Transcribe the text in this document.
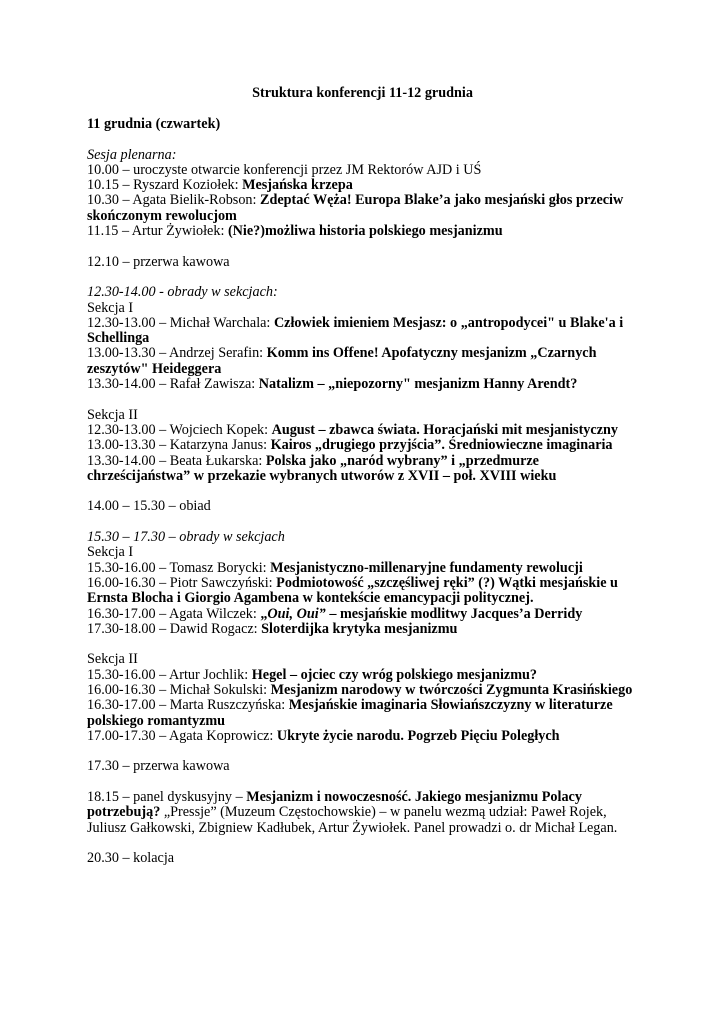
Struktura konferencji 11-12 grudnia

11 grudnia (czwartek)

Sesja plenarna:

10.00 – uroczyste otwarcie konferencji przez JM Rektorów AJD i UŚ

10.15 – Ryszard Koziołek: Mesjańska krzepa

10.30 – Agata Bielik-Robson: Zdeptać Węża! Europa Blake’a jako mesjański głos przeciw skończonym rewolucjom

11.15 – Artur Żywiołek: (Nie?)możliwa historia polskiego mesjanizmu

12.10 – przerwa kawowa

12.30-14.00 - obrady w sekcjach:

Sekcja I

12.30-13.00 – Michał Warchala: Człowiek imieniem Mesjasz: o „antropodycei" u Blake'a i Schellinga

13.00-13.30 – Andrzej Serafin: Komm ins Offene! Apofatyczny mesjanizm „Czarnych zeszytów" Heideggera

13.30-14.00 – Rafał Zawisza: Natalizm – „niepozorny" mesjanizm Hanny Arendt?

Sekcja II

12.30-13.00 – Wojciech Kopek: August – zbawca świata. Horacjański mit mesjanistyczny

13.00-13.30 – Katarzyna Janus: Kairos „drugiego przyjścia”. Średniowieczne imaginaria

13.30-14.00 – Beata Łukarska: Polska jako „naród wybrany” i „przedmurze chrześcijaństwa” w przekazie wybranych utworów z XVII – poł. XVIII wieku

14.00 – 15.30 – obiad

15.30 – 17.30 – obrady w sekcjach

Sekcja I

15.30-16.00 – Tomasz Borycki: Mesjanistyczno-millenaryjne fundamenty rewolucji

16.00-16.30 – Piotr Sawczyński: Podmiotowość „szczęśliwej ręki” (?) Wątki mesjańskie u Ernsta Blocha i Giorgio Agambena w kontekście emancypacji politycznej.

16.30-17.00 – Agata Wilczek: „Oui, Oui” – mesjańskie modlitwy Jacques’a Derridy

17.30-18.00 – Dawid Rogacz: Sloterdijka krytyka mesjanizmu

Sekcja II

15.30-16.00 – Artur Jochlik: Hegel – ojciec czy wróg polskiego mesjanizmu?

16.00-16.30 – Michał Sokulski: Mesjanizm narodowy w twórczości Zygmunta Krasińskiego

16.30-17.00 – Marta Ruszczyńska: Mesjańskie imaginaria Słowiańszczyzny w literaturze polskiego romantyzmu

17.00-17.30 – Agata Koprowicz: Ukryte życie narodu. Pogrzeb Pięciu Poległych

17.30 – przerwa kawowa

18.15 – panel dyskusyjny – Mesjanizm i nowoczesność. Jakiego mesjanizmu Polacy potrzebują? „Pressje” (Muzeum Częstochowskie) – w panelu wezmą udział: Paweł Rojek, Juliusz Gałkowski, Zbigniew Kadłubek, Artur Żywiołek. Panel prowadzi o. dr Michał Legan.

20.30 – kolacja
